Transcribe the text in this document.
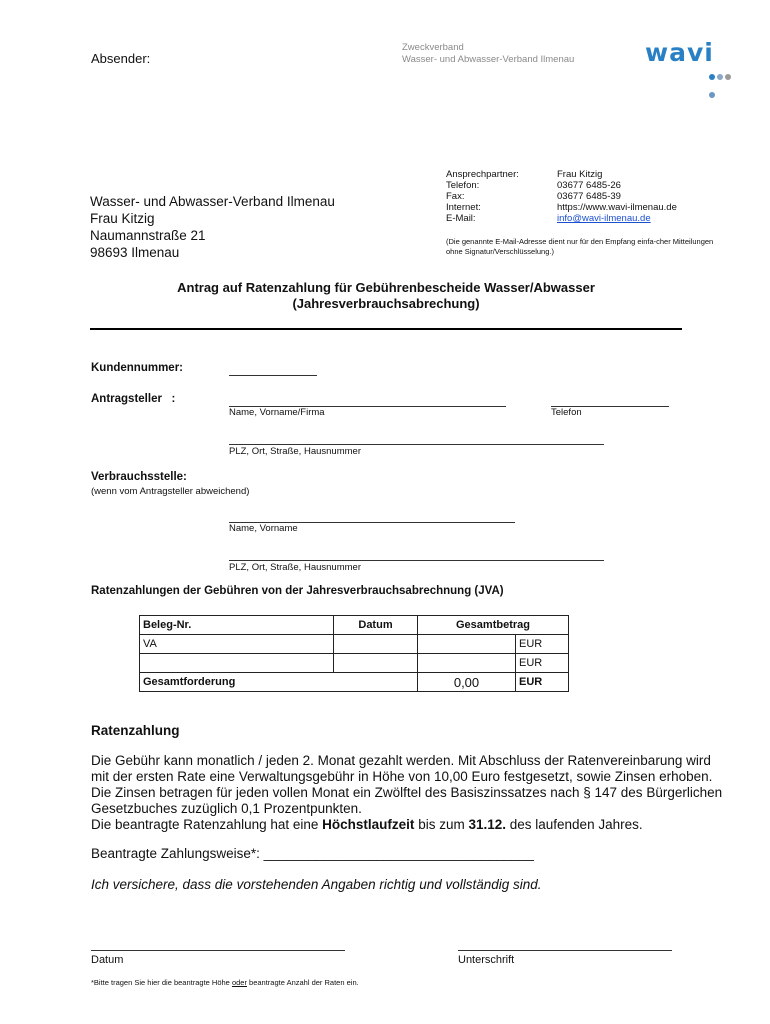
Absender:
Zweckverband
Wasser- und Abwasser-Verband Ilmenau	wavi
Ansprechpartner:	Frau Kitzig
Telefon:	03677 6485-26
Fax:	03677 6485-39
Internet:	https://www.wavi-ilmenau.de
E-Mail:	info@wavi-ilmenau.de
(Die genannte E-Mail-Adresse dient nur für den Empfang einfa-cher Mitteilungen ohne Signatur/Verschlüsselung.)
Wasser- und Abwasser-Verband Ilmenau
Frau Kitzig
Naumannstraße 21
98693 Ilmenau
Antrag auf Ratenzahlung für Gebührenbescheide Wasser/Abwasser
(Jahresverbrauchsabrechung)
Kundennummer:
Antragsteller   :
Name, Vorname/Firma	Telefon
PLZ, Ort, Straße, Hausnummer
Verbrauchsstelle:
(wenn vom Antragsteller abweichend)
Name, Vorname
PLZ, Ort, Straße, Hausnummer
Ratenzahlungen der Gebühren von der Jahresverbrauchsabrechnung (JVA)
Beleg-Nr.	Datum	Gesamtbetrag	
VA			EUR
			EUR
Gesamtforderung		0,00	EUR
Ratenzahlung
Die Gebühr kann monatlich / jeden 2. Monat gezahlt werden. Mit Abschluss der Ratenvereinbarung wird mit der ersten Rate eine Verwaltungsgebühr in Höhe von 10,00 Euro festgesetzt, sowie Zinsen erhoben. Die Zinsen betragen für jeden vollen Monat ein Zwölftel des Basiszinssatzes nach § 147 des Bürgerlichen Gesetzbuches zuzüglich 0,1 Prozentpunkten.
Die beantragte Ratenzahlung hat eine Höchstlaufzeit bis zum 31.12. des laufenden Jahres.
Beantragte Zahlungsweise*: ____________________________________
Ich versichere, dass die vorstehenden Angaben richtig und vollständig sind.
Datum	Unterschrift
*Bitte tragen Sie hier die beantragte Höhe oder beantragte Anzahl der Raten ein.
